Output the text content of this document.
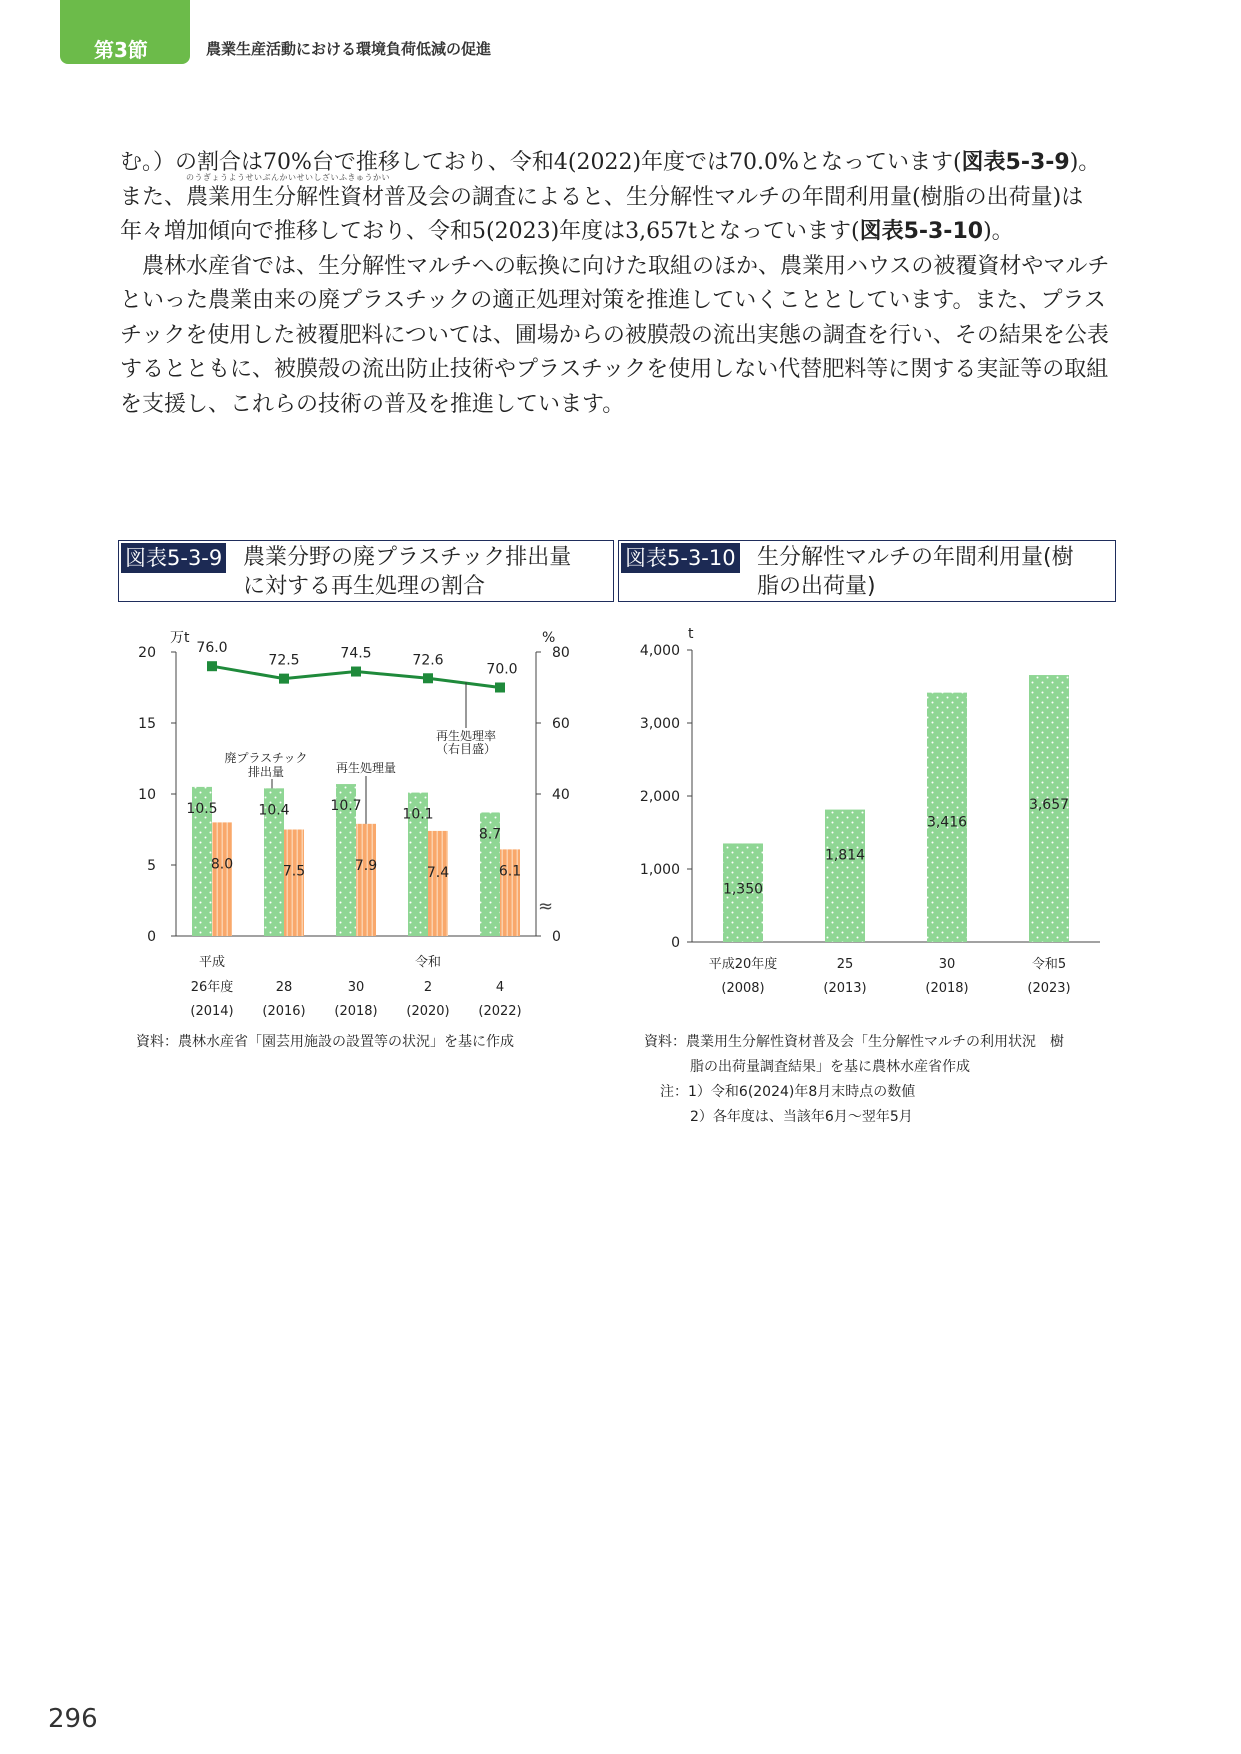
第3節	農業生産活動における環境負荷低減の促進

む。）の割合は70%台で推移しており、令和4(2022)年度では70.0%となっています(図表5-3-9)。また、
のうぎょうようせいぶんかいせいしざいふきゅうかい
農業用生分解性資材普及会の調査によると、生分解性マルチの年間利用量(樹脂の出荷量)は年々増加傾向で推移しており、令和5(2023)年度は3,657tとなっています(図表5-3-10)。

農林水産省では、生分解性マルチへの転換に向けた取組のほか、農業用ハウスの被覆資材やマルチといった農業由来の廃プラスチックの適正処理対策を推進していくこととしています。また、プラスチックを使用した被覆肥料については、圃場からの被膜殻の流出実態の調査を行い、その結果を公表するとともに、被膜殻の流出防止技術やプラスチックを使用しない代替肥料等に関する実証等の取組を支援し、これらの技術の普及を推進しています。

図表5-3-9 農業分野の廃プラスチック排出量
に対する再生処理の割合
図表5-3-10 生分解性マルチの年間利用量(樹
脂の出荷量)
0
5
10
15
20
0
40
60
80
10.5
8.0
76.0
平成
26年度
(2014)
10.4
7.5
72.5
28
(2016)
10.7
7.9
74.5
30
(2018)
10.1
7.4
72.6
令和
2
(2020)
8.7
6.1
70.0
4
(2022)
廃プラスチック
排出量	再生処理量
再生処理率
（右目盛）
万t	%
≈
資料：農林水産省「園芸用施設の設置等の状況」を基に作成
0
1,000
2,000
3,000
4,000
1,350
平成20年度
(2008)
1,814
25
(2013)
3,416
30
(2018)
3,657
令和5
(2023)
t
資料：農業用生分解性資材普及会「生分解性マルチの利用状況　樹
脂の出荷量調査結果」を基に農林水産省作成
注：1）令和6(2024)年8月末時点の数値
2）各年度は、当該年6月～翌年5月
296
